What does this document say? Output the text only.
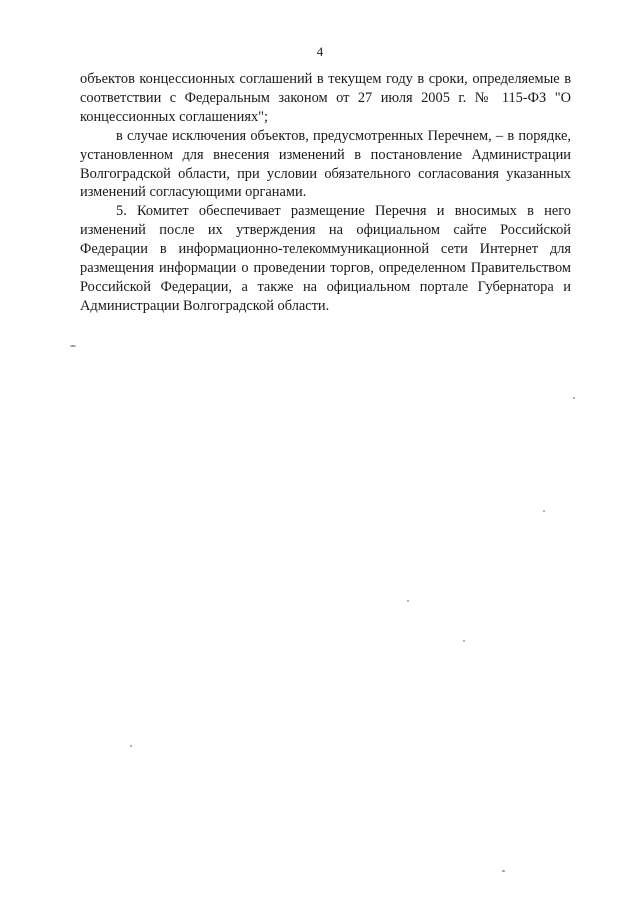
4

объектов концессионных соглашений в текущем году в сроки, определяемые в соответствии с Федеральным законом от 27 июля 2005 г. № 115-ФЗ "О концессионных соглашениях";

в случае исключения объектов, предусмотренных Перечнем, – в порядке, установленном для внесения изменений в постановление Администрации Волгоградской области, при условии обязательного согласования указанных изменений согласующими органами.

5. Комитет обеспечивает размещение Перечня и вносимых в него изменений после их утверждения на официальном сайте Российской Федерации в информационно-телекоммуникационной сети Интернет для размещения информации о проведении торгов, определенном Правительством Российской Федерации, а также на официальном портале Губернатора и Администрации Волгоградской области.
